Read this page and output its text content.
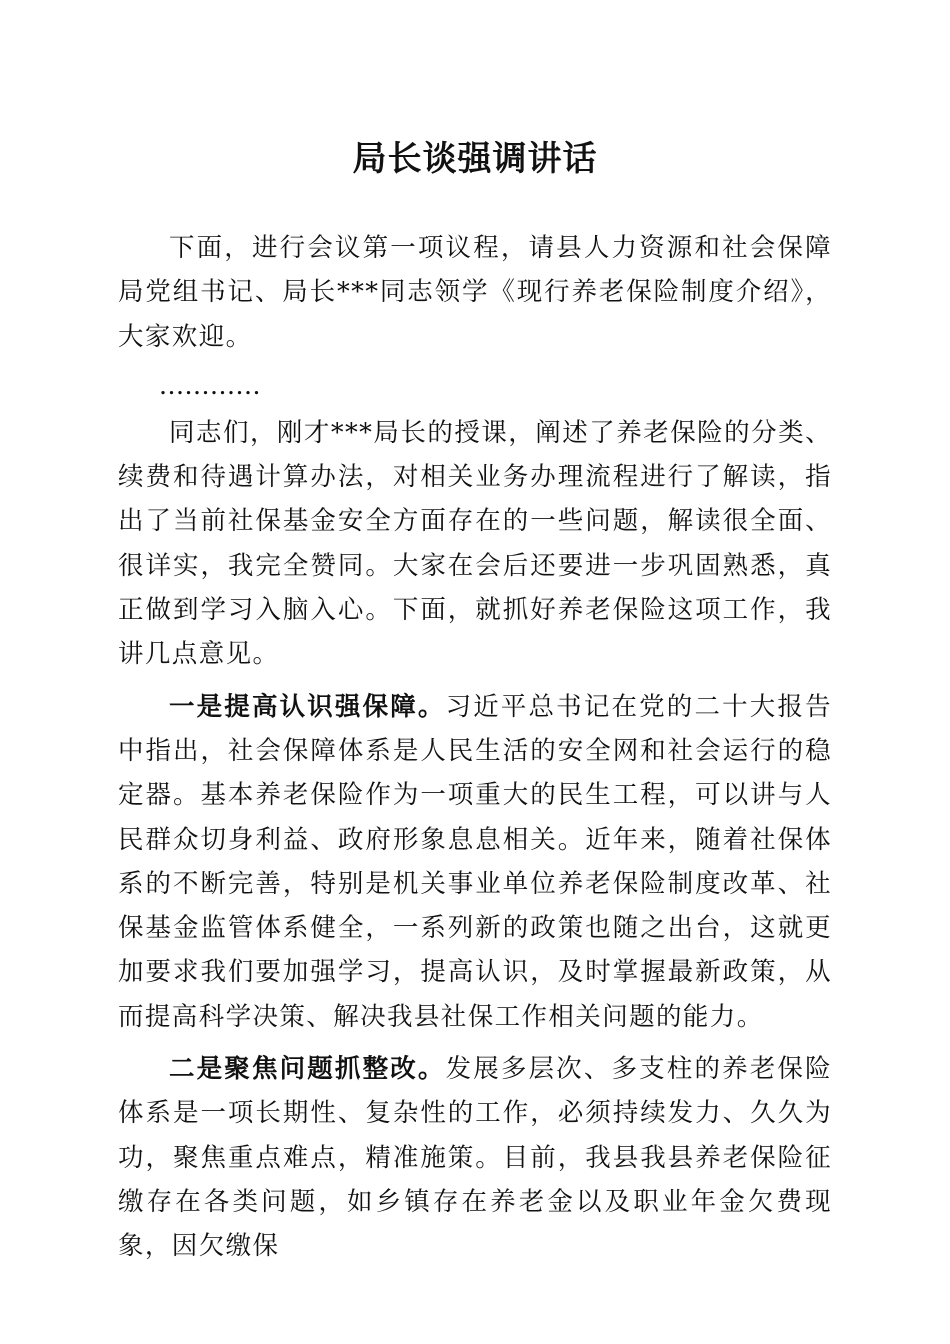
局长谈强调讲话

下面，进行会议第一项议程，请县人力资源和社会保障局党组书记、局长***同志领学《现行养老保险制度介绍》，大家欢迎。

…………

同志们，刚才***局长的授课，阐述了养老保险的分类、续费和待遇计算办法，对相关业务办理流程进行了解读，指出了当前社保基金安全方面存在的一些问题，解读很全面、很详实，我完全赞同。大家在会后还要进一步巩固熟悉，真正做到学习入脑入心。下面，就抓好养老保险这项工作，我讲几点意见。

一是提高认识强保障。习近平总书记在党的二十大报告中指出，社会保障体系是人民生活的安全网和社会运行的稳定器。基本养老保险作为一项重大的民生工程，可以讲与人民群众切身利益、政府形象息息相关。近年来，随着社保体系的不断完善，特别是机关事业单位养老保险制度改革、社保基金监管体系健全，一系列新的政策也随之出台，这就更加要求我们要加强学习，提高认识，及时掌握最新政策，从而提高科学决策、解决我县社保工作相关问题的能力。

二是聚焦问题抓整改。发展多层次、多支柱的养老保险体系是一项长期性、复杂性的工作，必须持续发力、久久为功，聚焦重点难点，精准施策。目前，我县我县养老保险征缴存在各类问题，如乡镇存在养老金以及职业年金欠费现象，因欠缴保
